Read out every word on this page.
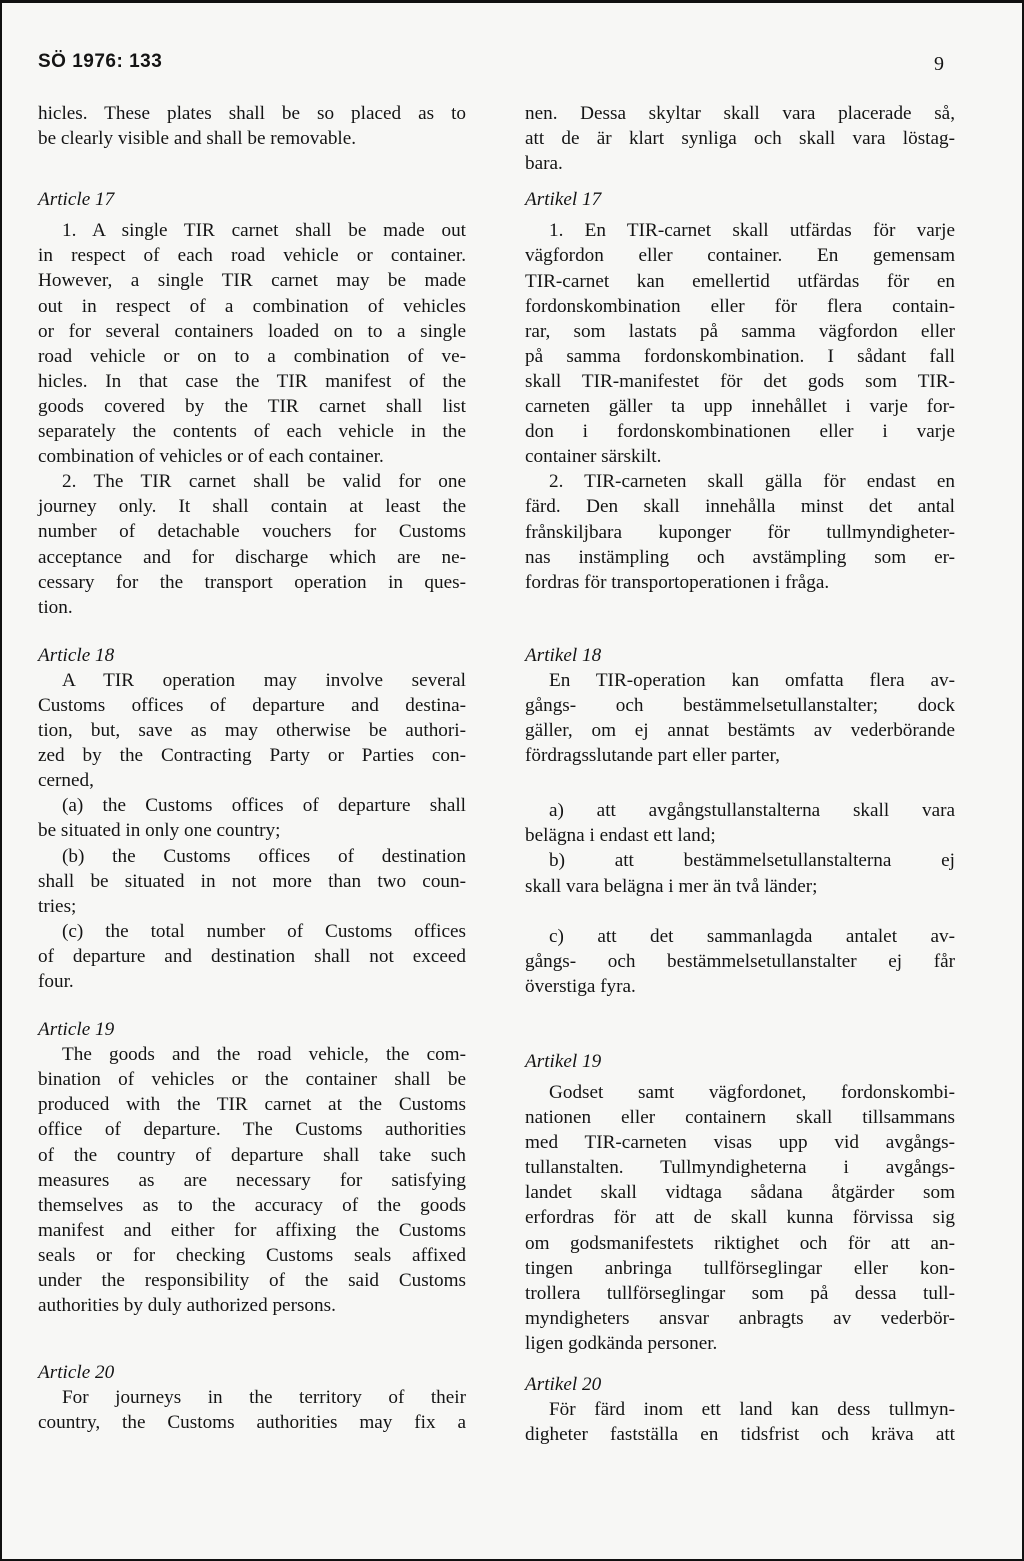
SÖ 1976: 133	9
hicles. These plates shall be so placed as to
be clearly visible and shall be removable.
Article 17
1. A single TIR carnet shall be made out
in respect of each road vehicle or container.
However, a single TIR carnet may be made
out in respect of a combination of vehicles
or for several containers loaded on to a single
road vehicle or on to a combination of ve-
hicles. In that case the TIR manifest of the
goods covered by the TIR carnet shall list
separately the contents of each vehicle in the
combination of vehicles or of each container.
2. The TIR carnet shall be valid for one
journey only. It shall contain at least the
number of detachable vouchers for Customs
acceptance and for discharge which are ne-
cessary for the transport operation in ques-
tion.
Article 18
A TIR operation may involve several
Customs offices of departure and destina-
tion, but, save as may otherwise be authori-
zed by the Contracting Party or Parties con-
cerned,
(a) the Customs offices of departure shall
be situated in only one country;
(b) the Customs offices of destination
shall be situated in not more than two coun-
tries;
(c) the total number of Customs offices
of departure and destination shall not exceed
four.
Article 19
The goods and the road vehicle, the com-
bination of vehicles or the container shall be
produced with the TIR carnet at the Customs
office of departure. The Customs authorities
of the country of departure shall take such
measures as are necessary for satisfying
themselves as to the accuracy of the goods
manifest and either for affixing the Customs
seals or for checking Customs seals affixed
under the responsibility of the said Customs
authorities by duly authorized persons.
Article 20
For journeys in the territory of their
country, the Customs authorities may fix a
nen. Dessa skyltar skall vara placerade så,
att de är klart synliga och skall vara löstag-
bara.
Artikel 17
1. En TIR-carnet skall utfärdas för varje
vägfordon eller container. En gemensam
TIR-carnet kan emellertid utfärdas för en
fordonskombination eller för flera contain-
rar, som lastats på samma vägfordon eller
på samma fordonskombination. I sådant fall
skall TIR-manifestet för det gods som TIR-
carneten gäller ta upp innehållet i varje for-
don i fordonskombinationen eller i varje
container särskilt.
2. TIR-carneten skall gälla för endast en
färd. Den skall innehålla minst det antal
frånskiljbara kuponger för tullmyndigheter-
nas instämpling och avstämpling som er-
fordras för transportoperationen i fråga.
Artikel 18
En TIR-operation kan omfatta flera av-
gångs- och bestämmelsetullanstalter; dock
gäller, om ej annat bestämts av vederbörande
fördragsslutande part eller parter,
a) att avgångstullanstalterna skall vara
belägna i endast ett land;
b) att bestämmelsetullanstalterna ej
skall vara belägna i mer än två länder;
c) att det sammanlagda antalet av-
gångs- och bestämmelsetullanstalter ej får
överstiga fyra.
Artikel 19
Godset samt vägfordonet, fordonskombi-
nationen eller containern skall tillsammans
med TIR-carneten visas upp vid avgångs-
tullanstalten. Tullmyndigheterna i avgångs-
landet skall vidtaga sådana åtgärder som
erfordras för att de skall kunna förvissa sig
om godsmanifestets riktighet och för att an-
tingen anbringa tullförseglingar eller kon-
trollera tullförseglingar som på dessa tull-
myndigheters ansvar anbragts av vederbör-
ligen godkända personer.
Artikel 20
För färd inom ett land kan dess tullmyn-
digheter fastställa en tidsfrist och kräva att
